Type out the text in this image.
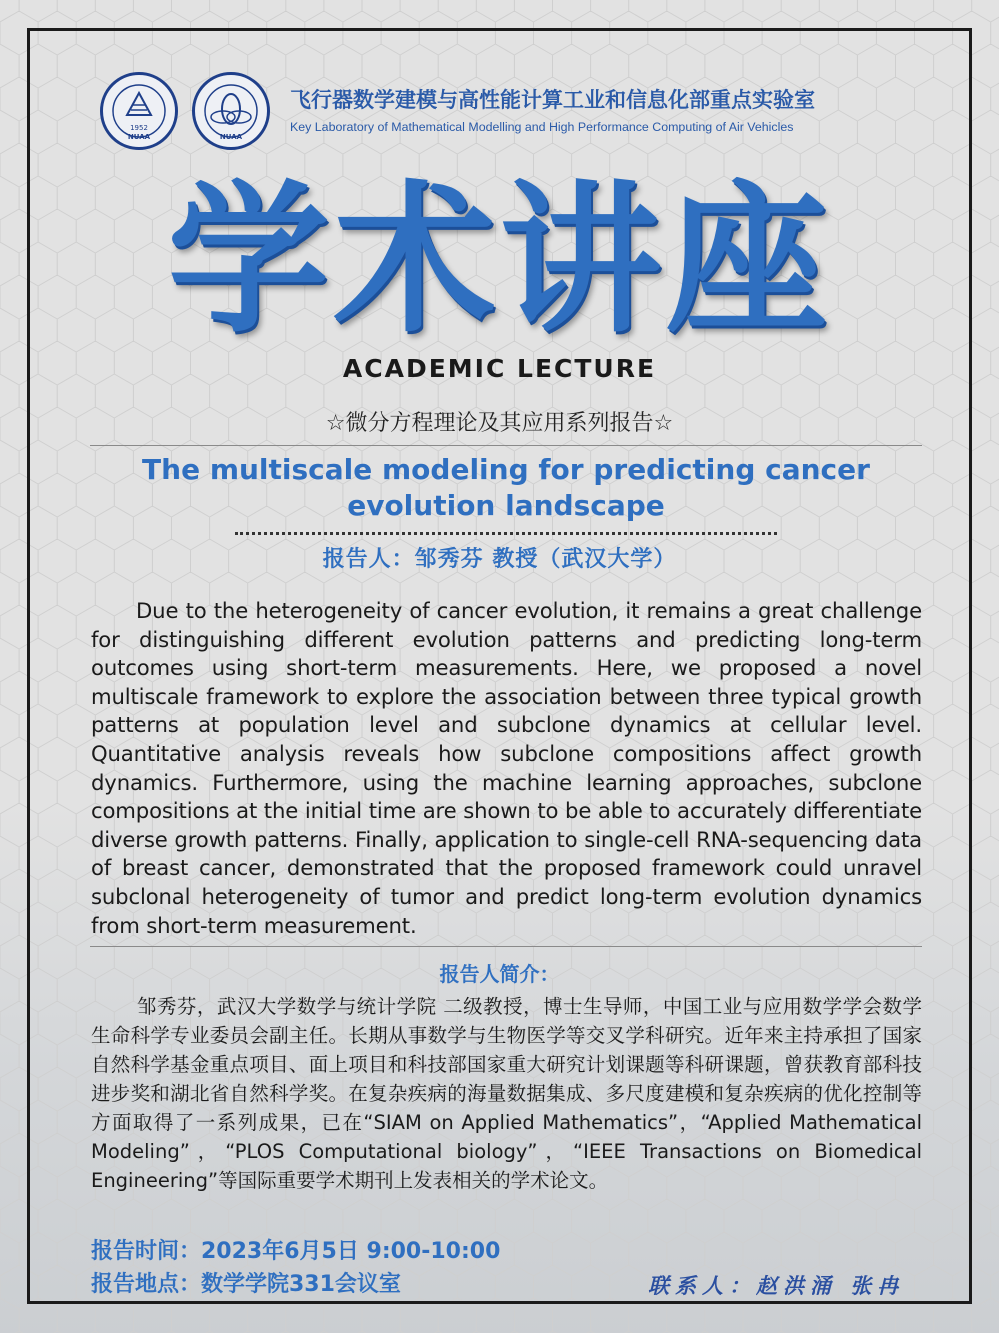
1952
NUAA	NUAA
飞行器数学建模与高性能计算工业和信息化部重点实验室
Key Laboratory of Mathematical Modelling and High Performance Computing of Air Vehicles
学术讲座
ACADEMIC LECTURE
☆微分方程理论及其应用系列报告☆
The multiscale modeling for predicting cancer evolution landscape
报告人：邹秀芬 教授（武汉大学）
Due to the heterogeneity of cancer evolution, it remains a great challenge for distinguishing different evolution patterns and predicting long-term outcomes using short-term measurements. Here, we proposed a novel multiscale framework to explore the association between three typical growth patterns at population level and subclone dynamics at cellular level. Quantitative analysis reveals how subclone compositions affect growth dynamics. Furthermore, using the machine learning approaches, subclone compositions at the initial time are shown to be able to accurately differentiate diverse growth patterns. Finally, application to single-cell RNA-sequencing data of breast cancer, demonstrated that the proposed framework could unravel subclonal heterogeneity of tumor and predict long-term evolution dynamics from short-term measurement.
报告人简介：
邹秀芬，武汉大学数学与统计学院 二级教授，博士生导师，中国工业与应用数学学会数学生命科学专业委员会副主任。长期从事数学与生物医学等交叉学科研究。近年来主持承担了国家自然科学基金重点项目、面上项目和科技部国家重大研究计划课题等科研课题，曾获教育部科技进步奖和湖北省自然科学奖。在复杂疾病的海量数据集成、多尺度建模和复杂疾病的优化控制等方面取得了一系列成果，已在“SIAM on Applied Mathematics”，“Applied Mathematical Modeling”，“PLOS Computational biology”，“IEEE Transactions on Biomedical Engineering”等国际重要学术期刊上发表相关的学术论文。
报告时间：2023年6月5日 9:00-10:00
报告地点：数学学院331会议室	联系人：赵洪涌 张冉
